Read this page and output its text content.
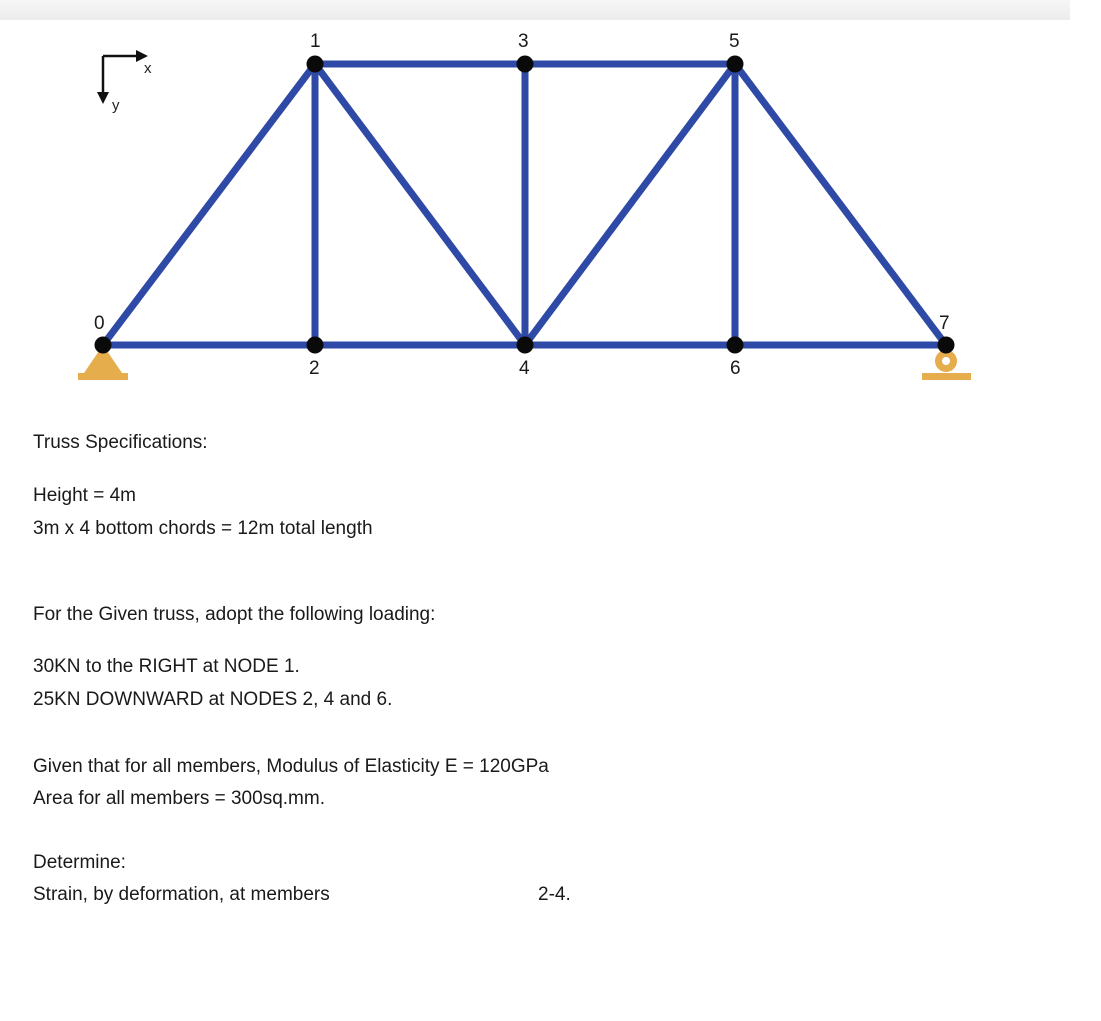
x
y
0
1
2
3
4
5
6
7
Truss Specifications:
Height = 4m
3m x 4 bottom chords = 12m total length
For the Given truss, adopt the following loading:
30KN to the RIGHT at NODE 1.
25KN DOWNWARD at NODES 2, 4 and 6.
Given that for all members, Modulus of Elasticity E = 120GPa
Area for all members = 300sq.mm.
Determine:
Strain, by deformation, at members	2-4.
